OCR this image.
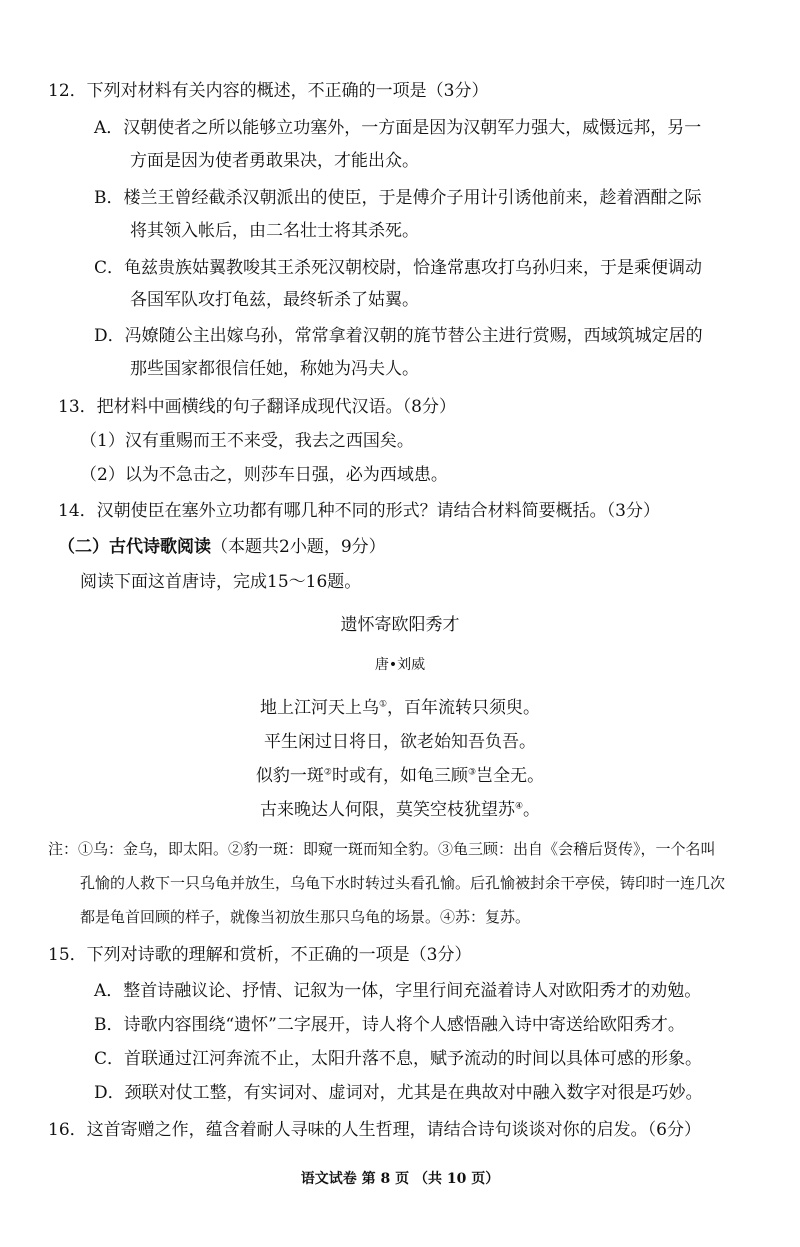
12．下列对材料有关内容的概述，不正确的一项是（3分）
A．汉朝使者之所以能够立功塞外，一方面是因为汉朝军力强大，威慑远邦，另一
方面是因为使者勇敢果决，才能出众。
B．楼兰王曾经截杀汉朝派出的使臣，于是傅介子用计引诱他前来，趁着酒酣之际
将其领入帐后，由二名壮士将其杀死。
C．龟兹贵族姑翼教唆其王杀死汉朝校尉，恰逢常惠攻打乌孙归来，于是乘便调动
各国军队攻打龟兹，最终斩杀了姑翼。
D．冯嫽随公主出嫁乌孙，常常拿着汉朝的旄节替公主进行赏赐，西域筑城定居的
那些国家都很信任她，称她为冯夫人。
13．把材料中画横线的句子翻译成现代汉语。（8分）
（1）汉有重赐而王不来受，我去之西国矣。
（2）以为不急击之，则莎车日强，必为西域患。
14．汉朝使臣在塞外立功都有哪几种不同的形式？请结合材料简要概括。（3分）
（二）古代诗歌阅读（本题共2小题，9分）
阅读下面这首唐诗，完成15～16题。
遗怀寄欧阳秀才
唐•刘威
地上江河天上乌①，百年流转只须臾。
平生闲过日将日，欲老始知吾负吾。
似豹一斑②时或有，如龟三顾③岂全无。
古来晚达人何限，莫笑空枝犹望苏④。
注：①乌：金乌，即太阳。②豹一斑：即窥一斑而知全豹。③龟三顾：出自《会稽后贤传》，一个名叫
孔愉的人救下一只乌龟并放生，乌龟下水时转过头看孔愉。后孔愉被封余干亭侯，铸印时一连几次
都是龟首回顾的样子，就像当初放生那只乌龟的场景。④苏：复苏。
15．下列对诗歌的理解和赏析，不正确的一项是（3分）
A．整首诗融议论、抒情、记叙为一体，字里行间充溢着诗人对欧阳秀才的劝勉。
B．诗歌内容围绕“遗怀”二字展开，诗人将个人感悟融入诗中寄送给欧阳秀才。
C．首联通过江河奔流不止，太阳升落不息，赋予流动的时间以具体可感的形象。
D．颈联对仗工整，有实词对、虚词对，尤其是在典故对中融入数字对很是巧妙。
16．这首寄赠之作，蕴含着耐人寻味的人生哲理，请结合诗句谈谈对你的启发。（6分）
语文试卷 第 8 页 （共 10 页）
